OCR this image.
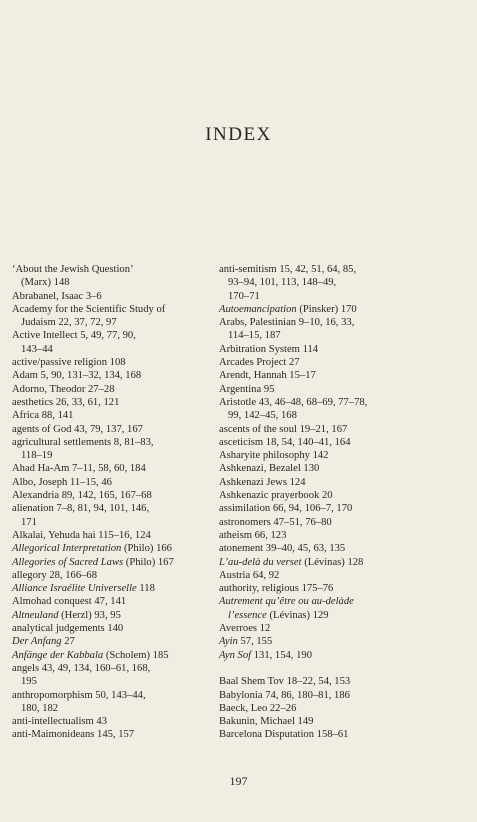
INDEX
‘About the Jewish Question’
(Marx) 148
Abrabanel, Isaac 3–6
Academy for the Scientific Study of
Judaism 22, 37, 72, 97
Active Intellect 5, 49, 77, 90,
143–44
active/passive religion 108
Adam 5, 90, 131–32, 134, 168
Adorno, Theodor 27–28
aesthetics 26, 33, 61, 121
Africa 88, 141
agents of God 43, 79, 137, 167
agricultural settlements 8, 81–83,
118–19
Ahad Ha-Am 7–11, 58, 60, 184
Albo, Joseph 11–15, 46
Alexandria 89, 142, 165, 167–68
alienation 7–8, 81, 94, 101, 146,
171
Alkalai, Yehuda hai 115–16, 124
Allegorical Interpretation (Philo) 166
Allegories of Sacred Laws (Philo) 167
allegory 28, 166–68
Alliance Israélite Universelle 118
Almohad conquest 47, 141
Altneuland (Herzl) 93, 95
analytical judgements 140
Der Anfang 27
Anfänge der Kabbala (Scholem) 185
angels 43, 49, 134, 160–61, 168,
195
anthropomorphism 50, 143–44,
180, 182
anti-intellectualism 43
anti-Maimonideans 145, 157
anti-semitism 15, 42, 51, 64, 85,
93–94, 101, 113, 148–49,
170–71
Autoemancipation (Pinsker) 170
Arabs, Palestinian 9–10, 16, 33,
114–15, 187
Arbitration System 114
Arcades Project 27
Arendt, Hannah 15–17
Argentina 95
Aristotle 43, 46–48, 68–69, 77–78,
99, 142–45, 168
ascents of the soul 19–21, 167
asceticism 18, 54, 140–41, 164
Asharyite philosophy 142
Ashkenazi, Bezalel 130
Ashkenazi Jews 124
Ashkenazic prayerbook 20
assimilation 66, 94, 106–7, 170
astronomers 47–51, 76–80
atheism 66, 123
atonement 39–40, 45, 63, 135
L’au-delà du verset (Lévinas) 128
Austria 64, 92
authority, religious 175–76
Autrement qu’être ou au-delàde
l’essence (Lévinas) 129
Averroes 12
Ayin 57, 155
Ayn Sof 131, 154, 190
Baal Shem Tov 18–22, 54, 153
Babylonia 74, 86, 180–81, 186
Baeck, Leo 22–26
Bakunin, Michael 149
Barcelona Disputation 158–61
197
